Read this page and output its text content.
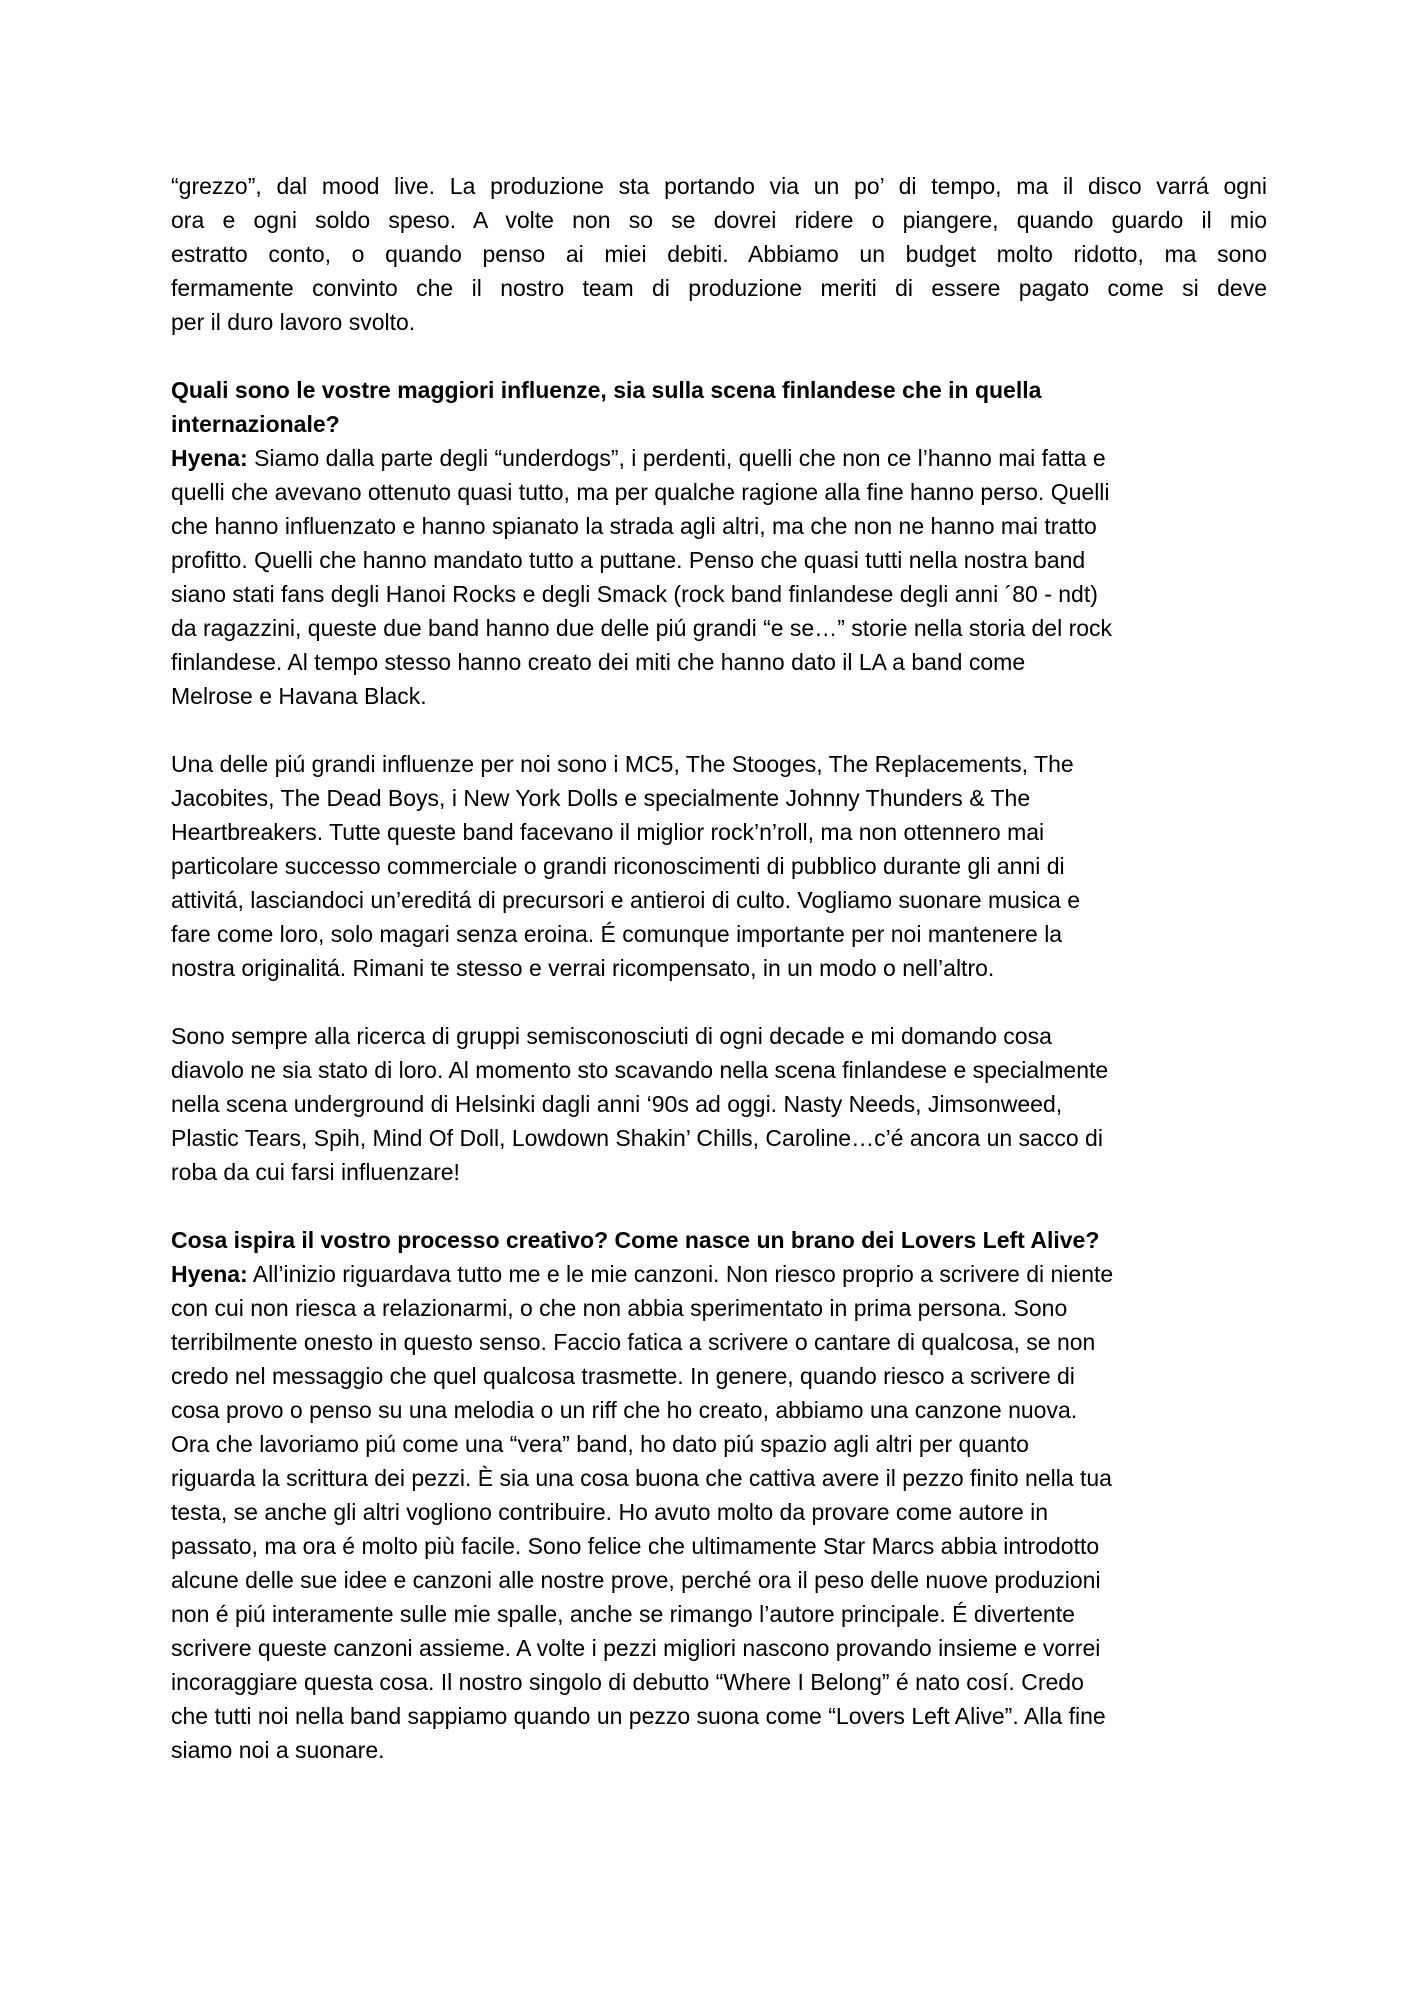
“grezzo”, dal mood live. La produzione sta portando via un po’ di tempo, ma il disco varrá ogni
ora e ogni soldo speso. A volte non so se dovrei ridere o piangere, quando guardo il mio
estratto conto, o quando penso ai miei debiti. Abbiamo un budget molto ridotto, ma sono
fermamente convinto che il nostro team di produzione meriti di essere pagato come si deve
per il duro lavoro svolto.

Quali sono le vostre maggiori influenze, sia sulla scena finlandese che in quella
internazionale?
Hyena: Siamo dalla parte degli “underdogs”, i perdenti, quelli che non ce l’hanno mai fatta e
quelli che avevano ottenuto quasi tutto, ma per qualche ragione alla fine hanno perso. Quelli
che hanno influenzato e hanno spianato la strada agli altri, ma che non ne hanno mai tratto
profitto. Quelli che hanno mandato tutto a puttane. Penso che quasi tutti nella nostra band
siano stati fans degli Hanoi Rocks e degli Smack (rock band finlandese degli anni ´80 - ndt)
da ragazzini, queste due band hanno due delle piú grandi “e se…” storie nella storia del rock
finlandese. Al tempo stesso hanno creato dei miti che hanno dato il LA a band come
Melrose e Havana Black.

Una delle piú grandi influenze per noi sono i MC5, The Stooges, The Replacements, The
Jacobites, The Dead Boys, i New York Dolls e specialmente Johnny Thunders & The
Heartbreakers. Tutte queste band facevano il miglior rock’n’roll, ma non ottennero mai
particolare successo commerciale o grandi riconoscimenti di pubblico durante gli anni di
attivitá, lasciandoci un’ereditá di precursori e antieroi di culto. Vogliamo suonare musica e
fare come loro, solo magari senza eroina. É comunque importante per noi mantenere la
nostra originalitá. Rimani te stesso e verrai ricompensato, in un modo o nell’altro.

Sono sempre alla ricerca di gruppi semisconosciuti di ogni decade e mi domando cosa
diavolo ne sia stato di loro. Al momento sto scavando nella scena finlandese e specialmente
nella scena underground di Helsinki dagli anni ‘90s ad oggi. Nasty Needs, Jimsonweed,
Plastic Tears, Spih, Mind Of Doll, Lowdown Shakin’ Chills, Caroline…c’é ancora un sacco di
roba da cui farsi influenzare!

Cosa ispira il vostro processo creativo? Come nasce un brano dei Lovers Left Alive?
Hyena: All’inizio riguardava tutto me e le mie canzoni. Non riesco proprio a scrivere di niente
con cui non riesca a relazionarmi, o che non abbia sperimentato in prima persona. Sono
terribilmente onesto in questo senso. Faccio fatica a scrivere o cantare di qualcosa, se non
credo nel messaggio che quel qualcosa trasmette. In genere, quando riesco a scrivere di
cosa provo o penso su una melodia o un riff che ho creato, abbiamo una canzone nuova.
Ora che lavoriamo piú come una “vera” band, ho dato piú spazio agli altri per quanto
riguarda la scrittura dei pezzi. È sia una cosa buona che cattiva avere il pezzo finito nella tua
testa, se anche gli altri vogliono contribuire. Ho avuto molto da provare come autore in
passato, ma ora é molto più facile. Sono felice che ultimamente Star Marcs abbia introdotto
alcune delle sue idee e canzoni alle nostre prove, perché ora il peso delle nuove produzioni
non é piú interamente sulle mie spalle, anche se rimango l’autore principale. É divertente
scrivere queste canzoni assieme. A volte i pezzi migliori nascono provando insieme e vorrei
incoraggiare questa cosa. Il nostro singolo di debutto “Where I Belong” é nato cosí. Credo
che tutti noi nella band sappiamo quando un pezzo suona come “Lovers Left Alive”. Alla fine
siamo noi a suonare.
